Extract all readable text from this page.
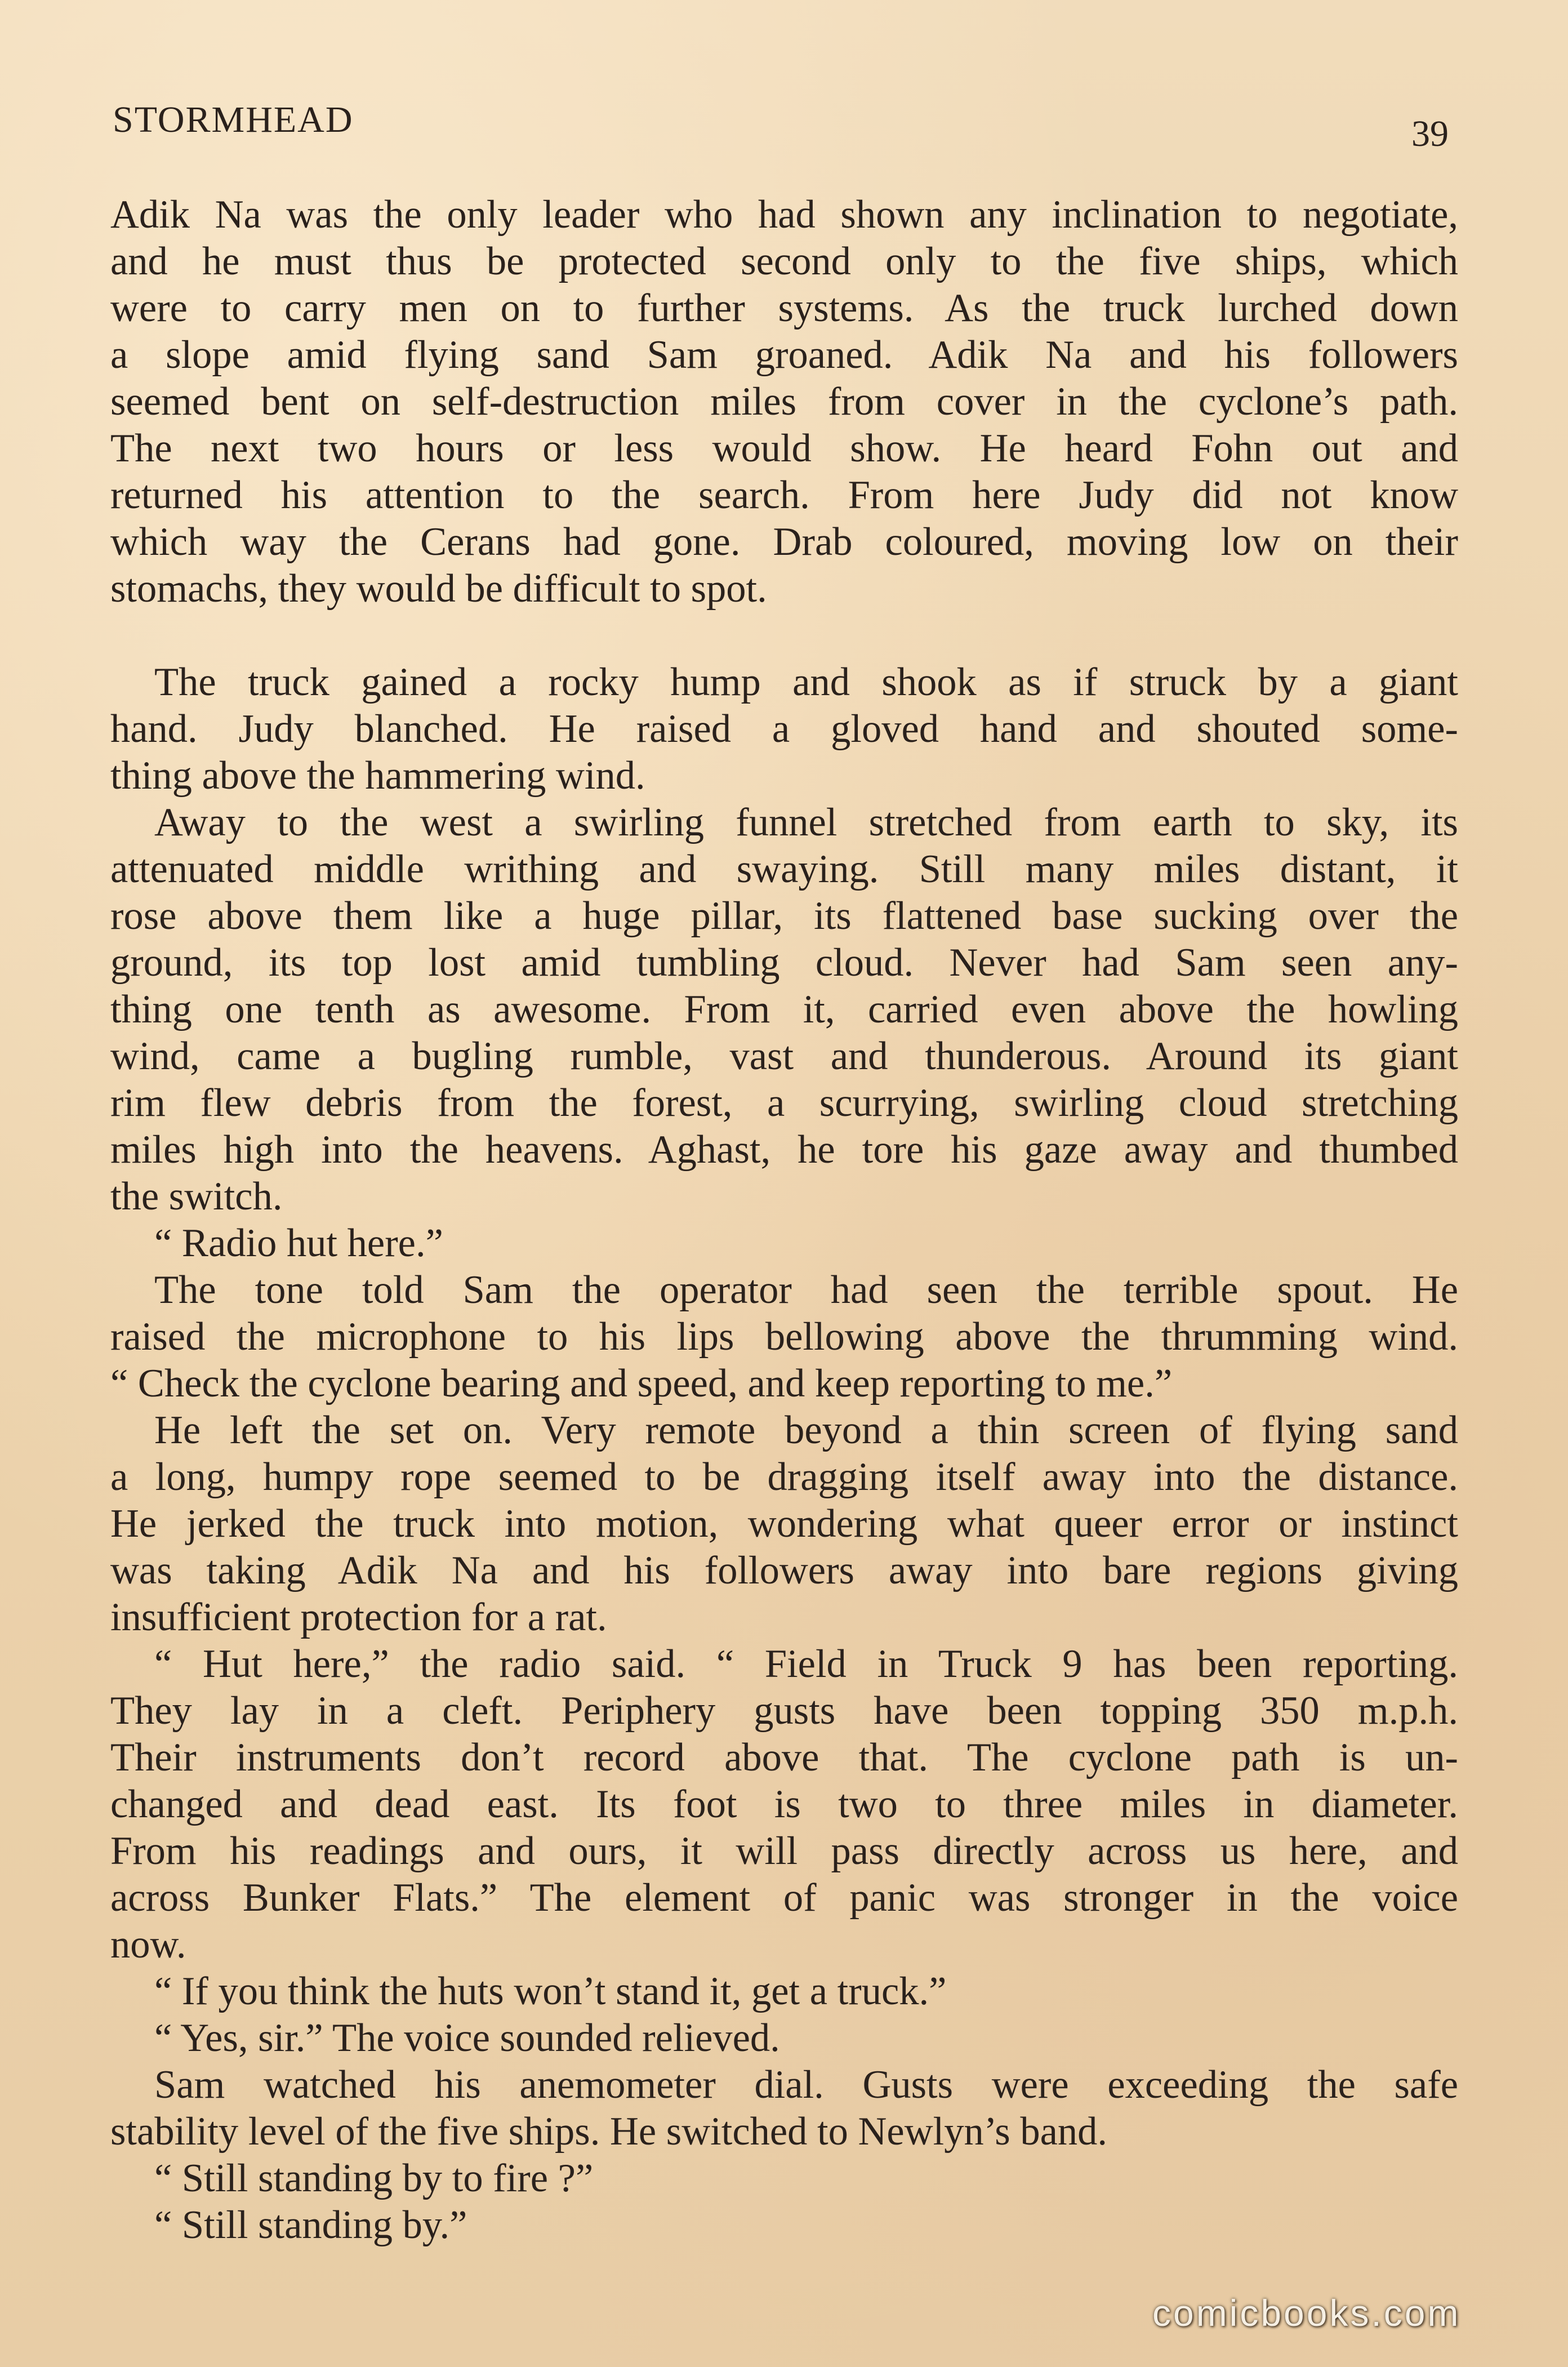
STORMHEAD	39
Adik Na was the only leader who had shown any inclination to negotiate,
and he must thus be protected second only to the five ships, which
were to carry men on to further systems. As the truck lurched down
a slope amid flying sand Sam groaned. Adik Na and his followers
seemed bent on self-destruction miles from cover in the cyclone’s path.
The next two hours or less would show. He heard Fohn out and
returned his attention to the search. From here Judy did not know
which way the Cerans had gone. Drab coloured, moving low on their
stomachs, they would be difficult to spot.
The truck gained a rocky hump and shook as if struck by a giant
hand. Judy blanched. He raised a gloved hand and shouted some-
thing above the hammering wind.
Away to the west a swirling funnel stretched from earth to sky, its
attenuated middle writhing and swaying. Still many miles distant, it
rose above them like a huge pillar, its flattened base sucking over the
ground, its top lost amid tumbling cloud. Never had Sam seen any-
thing one tenth as awesome. From it, carried even above the howling
wind, came a bugling rumble, vast and thunderous. Around its giant
rim flew debris from the forest, a scurrying, swirling cloud stretching
miles high into the heavens. Aghast, he tore his gaze away and thumbed
the switch.
“ Radio hut here.”
The tone told Sam the operator had seen the terrible spout. He
raised the microphone to his lips bellowing above the thrumming wind.
“ Check the cyclone bearing and speed, and keep reporting to me.”
He left the set on. Very remote beyond a thin screen of flying sand
a long, humpy rope seemed to be dragging itself away into the distance.
He jerked the truck into motion, wondering what queer error or instinct
was taking Adik Na and his followers away into bare regions giving
insufficient protection for a rat.
“ Hut here,” the radio said. “ Field in Truck 9 has been reporting.
They lay in a cleft. Periphery gusts have been topping 350 m.p.h.
Their instruments don’t record above that. The cyclone path is un-
changed and dead east. Its foot is two to three miles in diameter.
From his readings and ours, it will pass directly across us here, and
across Bunker Flats.” The element of panic was stronger in the voice
now.
“ If you think the huts won’t stand it, get a truck.”
“ Yes, sir.” The voice sounded relieved.
Sam watched his anemometer dial. Gusts were exceeding the safe
stability level of the five ships. He switched to Newlyn’s band.
“ Still standing by to fire ?”
“ Still standing by.”
comicbooks.com
